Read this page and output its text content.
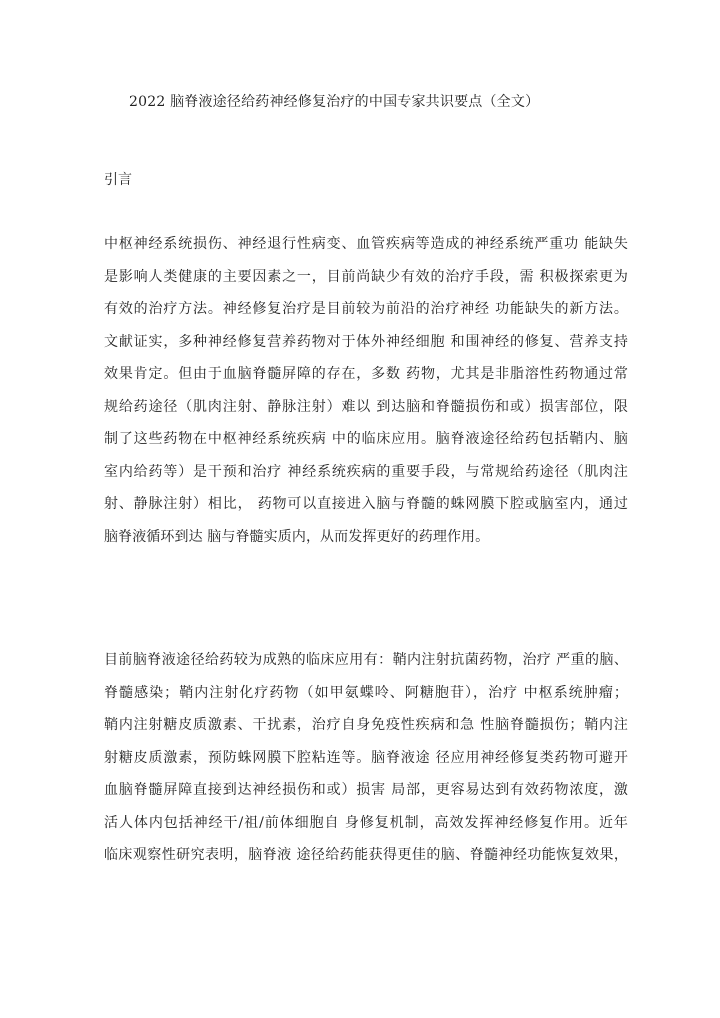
2022 脑脊液途径给药神经修复治疗的中国专家共识要点（全文）
引言
中枢神经系统损伤、神经退行性病变、血管疾病等造成的神经系统严重功 能缺失
是影响人类健康的主要因素之一，目前尚缺少有效的治疗手段，需 积极探索更为
有效的治疗方法。神经修复治疗是目前较为前沿的治疗神经 功能缺失的新方法。
文献证实，多种神经修复营养药物对于体外神经细胞 和围神经的修复、营养支持
效果肯定。但由于血脑脊髓屏障的存在，多数 药物，尤其是非脂溶性药物通过常
规给药途径（肌肉注射、静脉注射）难以 到达脑和脊髓损伤和或）损害部位，限
制了这些药物在中枢神经系统疾病 中的临床应用。脑脊液途径给药包括鞘内、脑
室内给药等）是干预和治疗 神经系统疾病的重要手段，与常规给药途径（肌肉注
射、静脉注射）相比， 药物可以直接进入脑与脊髓的蛛网膜下腔或脑室内，通过
脑脊液循环到达 脑与脊髓实质内，从而发挥更好的药理作用。
目前脑脊液途径给药较为成熟的临床应用有：鞘内注射抗菌药物，治疗 严重的脑、
脊髓感染；鞘内注射化疗药物（如甲氨蝶呤、阿糖胞苷），治疗 中枢系统肿瘤；
鞘内注射糖皮质激素、干扰素，治疗自身免疫性疾病和急 性脑脊髓损伤；鞘内注
射糖皮质激素，预防蛛网膜下腔粘连等。脑脊液途 径应用神经修复类药物可避开
血脑脊髓屏障直接到达神经损伤和或）损害 局部，更容易达到有效药物浓度，激
活人体内包括神经干/祖/前体细胞自 身修复机制，高效发挥神经修复作用。近年
临床观察性研究表明，脑脊液 途径给药能获得更佳的脑、脊髓神经功能恢复效果，
